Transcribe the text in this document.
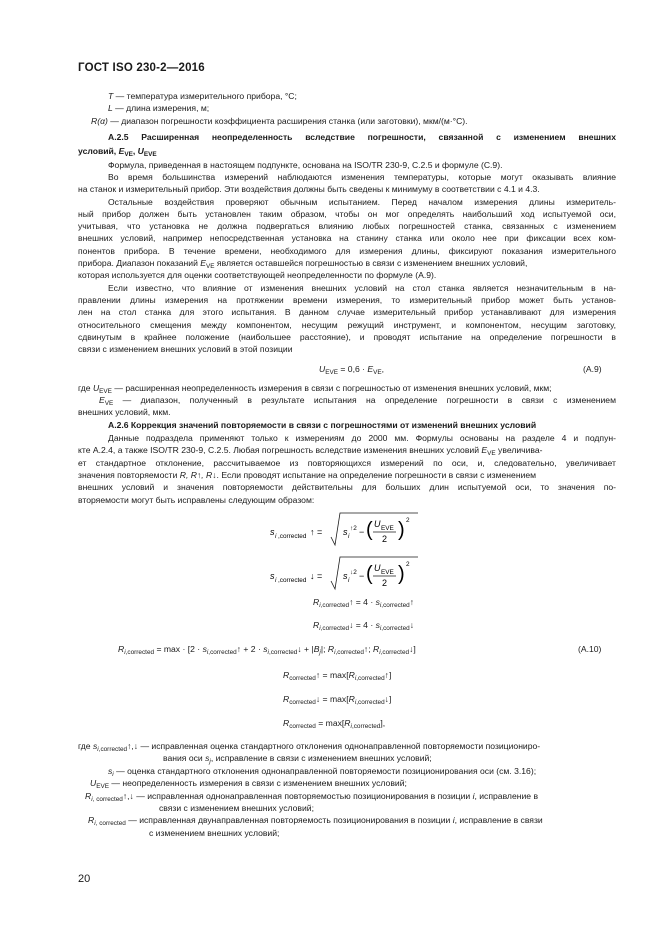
ГОСТ ISO 230-2—2016
T — температура измерительного прибора, °С;
L — длина измерения, м;
R(α) — диапазон погрешности коэффициента расширения станка (или заготовки), мкм/(м·°С).
А.2.5 Расширенная неопределенность вследствие погрешности, связанной с изменением внешних
условий, $E_{VE}$, $U_{EVE}$
Формула, приведенная в настоящем подпункте, основана на ISO/TR 230-9, С.2.5 и формуле (С.9).
Во время большинства измерений наблюдаются изменения температуры, которые могут оказывать влияние
на станок и измерительный прибор. Эти воздействия должны быть сведены к минимуму в соответствии с 4.1 и 4.3.
Остальные воздействия проверяют обычным испытанием. Перед началом измерения длины измеритель-
ный прибор должен быть установлен таким образом, чтобы он мог определять наибольший ход испытуемой оси,
учитывая, что установка не должна подвергаться влиянию любых погрешностей станка, связанных с изменением
внешних условий, например непосредственная установка на станину станка или около нее при фиксации всех ком-
понентов прибора. В течение времени, необходимого для измерения длины, фиксируют показания измерительного
прибора. Диапазон показаний $E_{VE}$ является оставшейся погрешностью в связи с изменением внешних условий,
которая используется для оценки соответствующей неопределенности по формуле (А.9).
Если известно, что влияние от изменения внешних условий на стол станка является незначительным в на-
правлении длины измерения на протяжении времени измерения, то измерительный прибор может быть установ-
лен на стол станка для этого испытания. В данном случае измерительный прибор устанавливают для измерения
относительного смещения между компонентом, несущим режущий инструмент, и компонентом, несущим заготовку,
сдвинутым в крайнее положение (наибольшее расстояние), и проводят испытание на определение погрешности в
связи с изменением внешних условий в этой позиции
$U_{EVE} = 0,6 \cdot E_{VE}$,	(А.9)
где $U_{EVE}$ — расширенная неопределенность измерения в связи с погрешностью от изменения внешних условий, мкм;
$E_{VE}$ — диапазон, полученный в результате испытания на определение погрешности в связи с изменением
внешних условий, мкм.
А.2.6 Коррекция значений повторяемости в связи с погрешностями от изменений внешних условий
Данные подраздела применяют только к измерениям до 2000 мм. Формулы основаны на разделе 4 и подпун-
кте А.2.4, а также ISO/TR 230-9, С.2.5. Любая погрешность вследствие изменения внешних условий $E_{VE}$ увеличива-
ет стандартное отклонение, рассчитываемое из повторяющихся измерений по оси, и, следовательно, увеличивает
значения повторяемости R, R↑, R↓. Если проводят испытание на определение погрешности в связи с изменением
внешних условий и значения повторяемости действительны для больших длин испытуемой оси, то значения по-
вторяемости могут быть исправлены следующим образом:
s i ,corrected ↑ = s i
↑2 − ( U EVE
2 ) 2
s i ,corrected ↓ = s i
↓2 − ( U EVE
2 ) 2
$R_{i,corrected}↑ = 4$ · $s_{i,corrected}↑$
$R_{i,corrected}↓ = 4$ · $s_{i,corrected}↓$
$R_{i,corrected} = \max \cdot [2$ · $s_{i,corrected}↑ + 2$ · $s_{i,corrected}↓ + |B_j|$; $R_{i,corrected}↑$; $R_{i,corrected}↓$]	(А.10)
$R_{corrected}↑$ = $\max[R_{i,corrected}↑]$
$R_{corrected}↓$ = $\max[R_{i,corrected}↓]$
$R_{corrected} = \max[R_{i,corrected}]$,
где $s_{i,corrected}↑,↓$ — исправленная оценка стандартного отклонения однонаправленной повторяемости позициониро-
вания оси $s_j$, исправление в связи с изменением внешних условий;
$s_i$ — оценка стандартного отклонения однонаправленной повторяемости позиционирования оси (см. 3.16);
$U_{EVE}$ — неопределенность измерения в связи с изменением внешних условий;
$R_{i, corrected}↑,↓$ — исправленная однонаправленная повторяемостью позиционирования в позиции i, исправление в
связи с изменением внешних условий;
$R_{i, corrected}$ — исправленная двунаправленная повторяемость позиционирования в позиции i, исправление в связи
с изменением внешних условий;
20
